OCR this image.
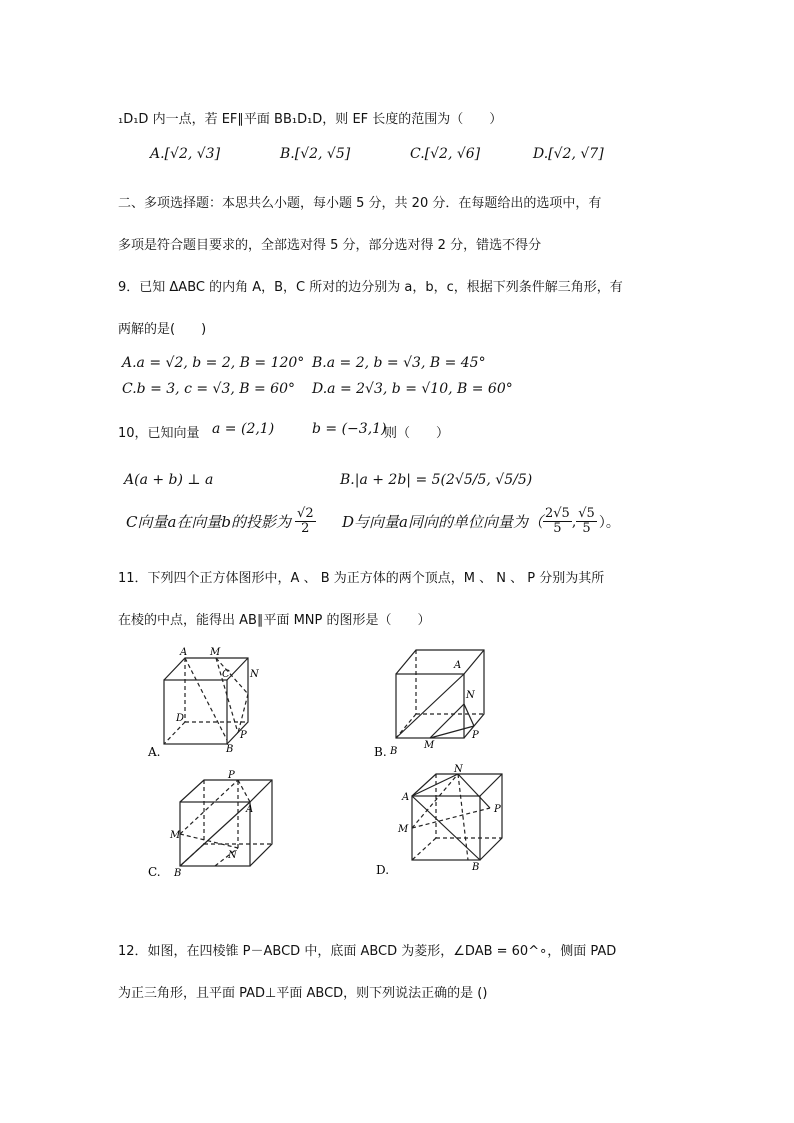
₁D₁D 内一点，若 EF∥平面 BB₁D₁D，则 EF 长度的范围为（　　）
A.[√2, √3]	B.[√2, √5]	C.[√2, √6]	D.[√2, √7]
二、多项选择题：本思共么小题，每小题 5 分，共 20 分．在每题给出的选项中，有
多项是符合题目要求的，全部选对得 5 分，部分选对得 2 分，错选不得分
9．已知 ΔABC 的内角 A，B，C 所对的边分别为 a，b，c，根据下列条件解三角形，有
两解的是(　　)
A.a = √2, b = 2, B = 120° B.a = 2, b = √3, B = 45°
C.b = 3, c = √3, B = 60° D.a = 2√3, b = √10, B = 60°
10，已知向量 a = (2,1)	b = (−3,1)
则（　　）
A(a + b) ⊥ a	B.|a + 2b| = 5(2√5/5, √5/5)
C向量a在向量b的投影为 $\frac{√2}{2}$ D与向量a同向的单位向量为（ $\frac{2√5}{5}$ , $\frac{√5}{5}$ ）。
11．下列四个正方体图形中，A 、 B 为正方体的两个顶点，M 、 N 、 P 分别为其所
在棱的中点，能得出 AB∥平面 MNP 的图形是（　　）
A M
C N
D
P
B
A.
A
N
P
M
B
B.
P
A
M
N
B
C.
N
A
P
M
B
D.
12．如图，在四棱锥 P－ABCD 中，底面 ABCD 为菱形，∠DAB = 60^∘，侧面 PAD
为正三角形，且平面 PAD⊥平面 ABCD，则下列说法正确的是 ()
